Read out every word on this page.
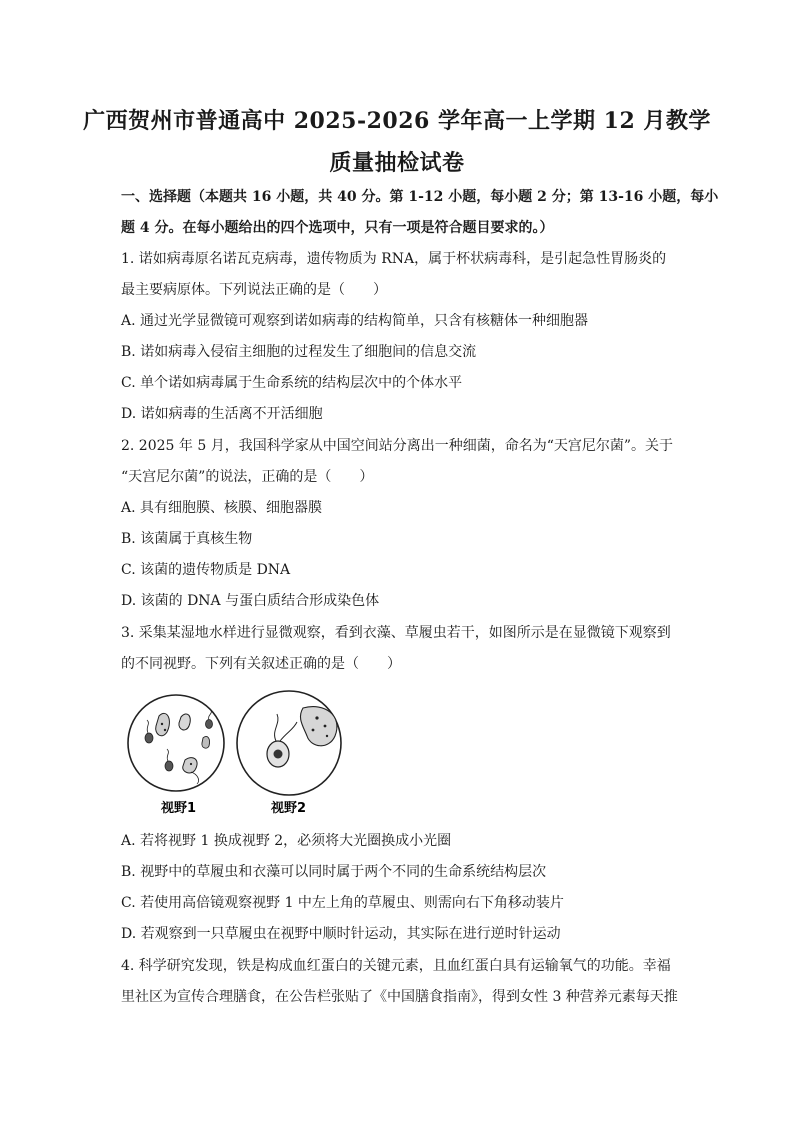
广西贺州市普通高中 2025-2026 学年高一上学期 12 月教学
质量抽检试卷
一、选择题（本题共 16 小题，共 40 分。第 1-12 小题，每小题 2 分；第 13-16 小题，每小
题 4 分。在每小题给出的四个选项中，只有一项是符合题目要求的。）
1. 诺如病毒原名诺瓦克病毒，遗传物质为 RNA，属于杯状病毒科，是引起急性胃肠炎的
最主要病原体。下列说法正确的是（　　）
A. 通过光学显微镜可观察到诺如病毒的结构简单，只含有核糖体一种细胞器
B. 诺如病毒入侵宿主细胞的过程发生了细胞间的信息交流
C. 单个诺如病毒属于生命系统的结构层次中的个体水平
D. 诺如病毒的生活离不开活细胞
2. 2025 年 5 月，我国科学家从中国空间站分离出一种细菌，命名为“天宫尼尔菌”。关于
“天宫尼尔菌”的说法，正确的是（　　）
A. 具有细胞膜、核膜、细胞器膜
B. 该菌属于真核生物
C. 该菌的遗传物质是 DNA
D. 该菌的 DNA 与蛋白质结合形成染色体
3. 采集某湿地水样进行显微观察，看到衣藻、草履虫若干，如图所示是在显微镜下观察到
的不同视野。下列有关叙述正确的是（　　）
视野1	视野2
A. 若将视野 1 换成视野 2，必须将大光圈换成小光圈
B. 视野中的草履虫和衣藻可以同时属于两个不同的生命系统结构层次
C. 若使用高倍镜观察视野 1 中左上角的草履虫、则需向右下角移动装片
D. 若观察到一只草履虫在视野中顺时针运动，其实际在进行逆时针运动
4. 科学研究发现，铁是构成血红蛋白的关键元素，且血红蛋白具有运输氧气的功能。幸福
里社区为宣传合理膳食，在公告栏张贴了《中国膳食指南》，得到女性 3 种营养元素每天推
